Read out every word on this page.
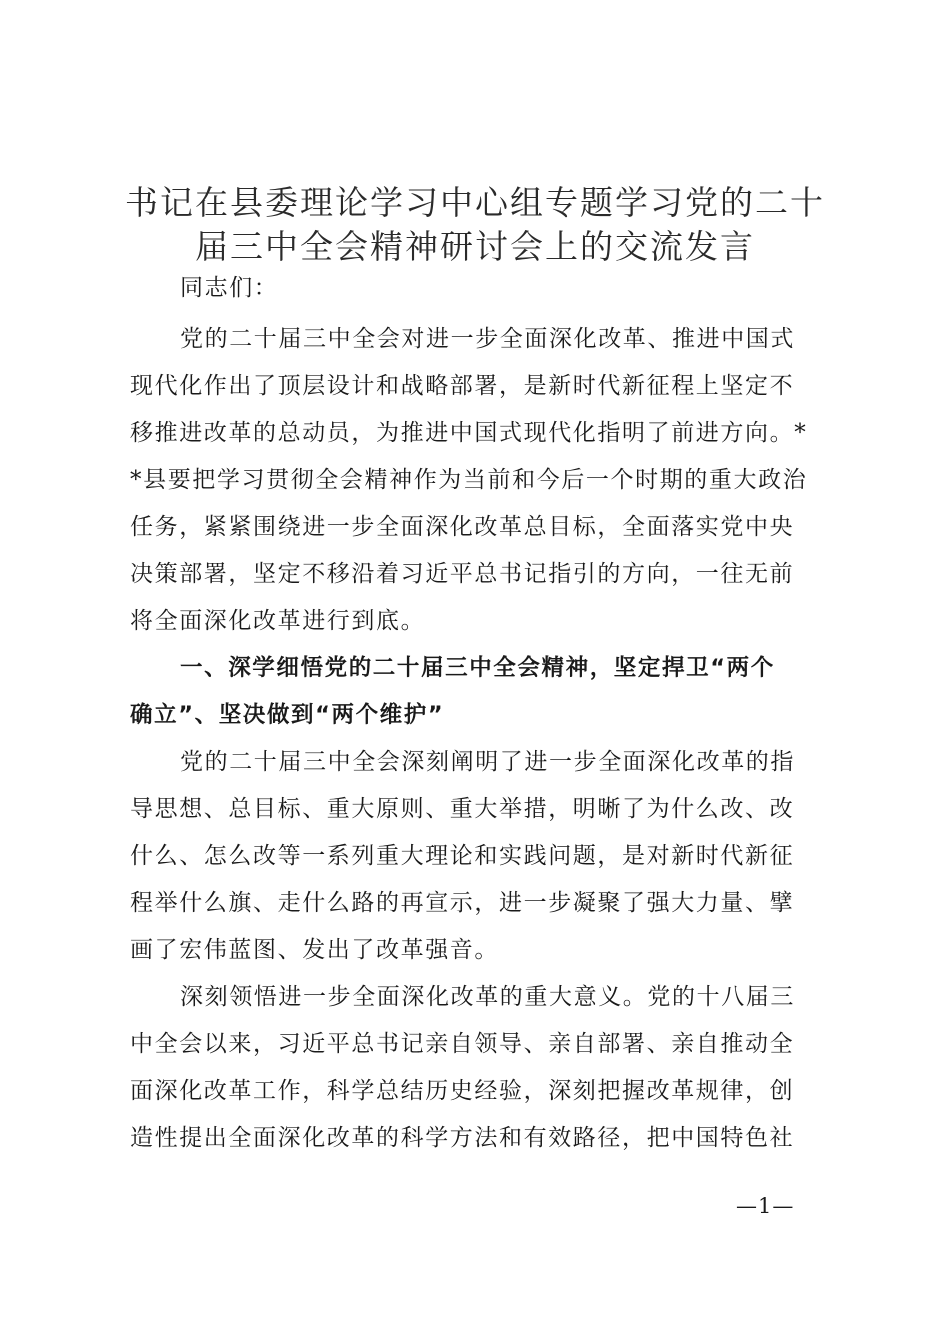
书记在县委理论学习中心组专题学习党的二十
届三中全会精神研讨会上的交流发言

同志们：

党的二十届三中全会对进一步全面深化改革、推进中国式

现代化作出了顶层设计和战略部署，是新时代新征程上坚定不

移推进改革的总动员，为推进中国式现代化指明了前进方向。*

*县要把学习贯彻全会精神作为当前和今后一个时期的重大政治

任务，紧紧围绕进一步全面深化改革总目标，全面落实党中央

决策部署，坚定不移沿着习近平总书记指引的方向，一往无前

将全面深化改革进行到底。

一、深学细悟党的二十届三中全会精神，坚定捍卫“两个

确立”、坚决做到“两个维护”

党的二十届三中全会深刻阐明了进一步全面深化改革的指

导思想、总目标、重大原则、重大举措，明晰了为什么改、改

什么、怎么改等一系列重大理论和实践问题，是对新时代新征

程举什么旗、走什么路的再宣示，进一步凝聚了强大力量、擘

画了宏伟蓝图、发出了改革强音。

深刻领悟进一步全面深化改革的重大意义。党的十八届三

中全会以来，习近平总书记亲自领导、亲自部署、亲自推动全

面深化改革工作，科学总结历史经验，深刻把握改革规律，创

造性提出全面深化改革的科学方法和有效路径，把中国特色社

—1—
